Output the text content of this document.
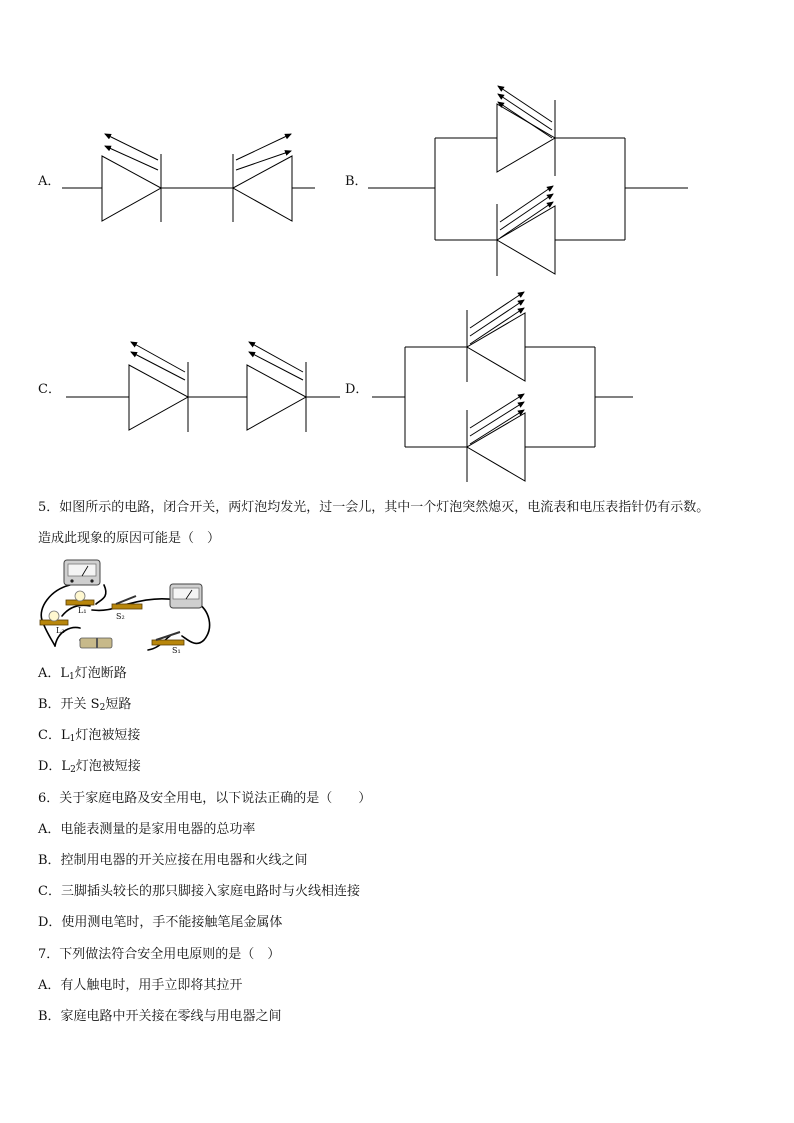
A．	B．
C．	D．
5．如图所示的电路，闭合开关，两灯泡均发光，过一会儿，其中一个灯泡突然熄灭，电流表和电压表指针仍有示数。
造成此现象的原因可能是（　）
L₁
S₂
L₂
S₁
A．$L_1$灯泡断路
B．开关 $S_2$短路
C．$L_1$灯泡被短接
D．$L_2$灯泡被短接
6．关于家庭电路及安全用电，以下说法正确的是（　　）
A．电能表测量的是家用电器的总功率
B．控制用电器的开关应接在用电器和火线之间
C．三脚插头较长的那只脚接入家庭电路时与火线相连接
D．使用测电笔时，手不能接触笔尾金属体
7．下列做法符合安全用电原则的是（　）
A．有人触电时，用手立即将其拉开
B．家庭电路中开关接在零线与用电器之间
